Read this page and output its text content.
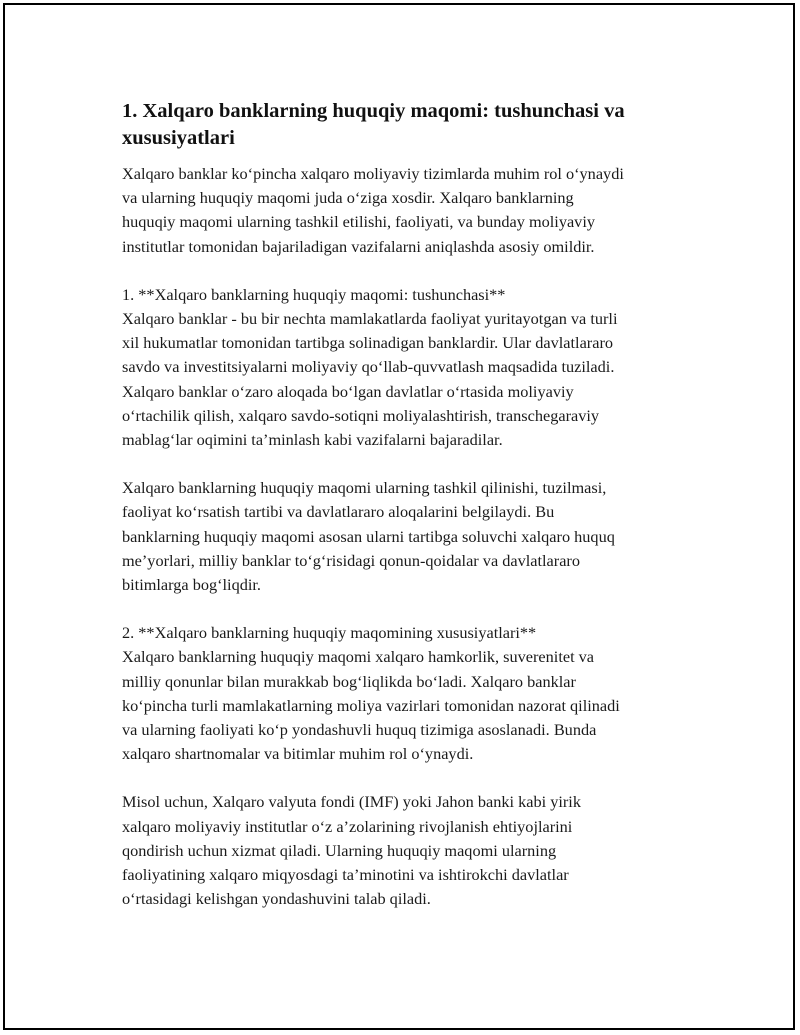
1. Xalqaro banklarning huquqiy maqomi: tushunchasi va
xususiyatlari

Xalqaro banklar ko‘pincha xalqaro moliyaviy tizimlarda muhim rol o‘ynaydi
va ularning huquqiy maqomi juda o‘ziga xosdir. Xalqaro banklarning
huquqiy maqomi ularning tashkil etilishi, faoliyati, va bunday moliyaviy
institutlar tomonidan bajariladigan vazifalarni aniqlashda asosiy omildir.

1. **Xalqaro banklarning huquqiy maqomi: tushunchasi**
Xalqaro banklar - bu bir nechta mamlakatlarda faoliyat yuritayotgan va turli
xil hukumatlar tomonidan tartibga solinadigan banklardir. Ular davlatlararo
savdo va investitsiyalarni moliyaviy qo‘llab-quvvatlash maqsadida tuziladi.
Xalqaro banklar o‘zaro aloqada bo‘lgan davlatlar o‘rtasida moliyaviy
o‘rtachilik qilish, xalqaro savdo-sotiqni moliyalashtirish, transchegaraviy
mablag‘lar oqimini ta’minlash kabi vazifalarni bajaradilar.

Xalqaro banklarning huquqiy maqomi ularning tashkil qilinishi, tuzilmasi,
faoliyat ko‘rsatish tartibi va davlatlararo aloqalarini belgilaydi. Bu
banklarning huquqiy maqomi asosan ularni tartibga soluvchi xalqaro huquq
me’yorlari, milliy banklar to‘g‘risidagi qonun-qoidalar va davlatlararo
bitimlarga bog‘liqdir.

2. **Xalqaro banklarning huquqiy maqomining xususiyatlari**
Xalqaro banklarning huquqiy maqomi xalqaro hamkorlik, suverenitet va
milliy qonunlar bilan murakkab bog‘liqlikda bo‘ladi. Xalqaro banklar
ko‘pincha turli mamlakatlarning moliya vazirlari tomonidan nazorat qilinadi
va ularning faoliyati ko‘p yondashuvli huquq tizimiga asoslanadi. Bunda
xalqaro shartnomalar va bitimlar muhim rol o‘ynaydi.

Misol uchun, Xalqaro valyuta fondi (IMF) yoki Jahon banki kabi yirik
xalqaro moliyaviy institutlar o‘z a’zolarining rivojlanish ehtiyojlarini
qondirish uchun xizmat qiladi. Ularning huquqiy maqomi ularning
faoliyatining xalqaro miqyosdagi ta’minotini va ishtirokchi davlatlar
o‘rtasidagi kelishgan yondashuvini talab qiladi.
